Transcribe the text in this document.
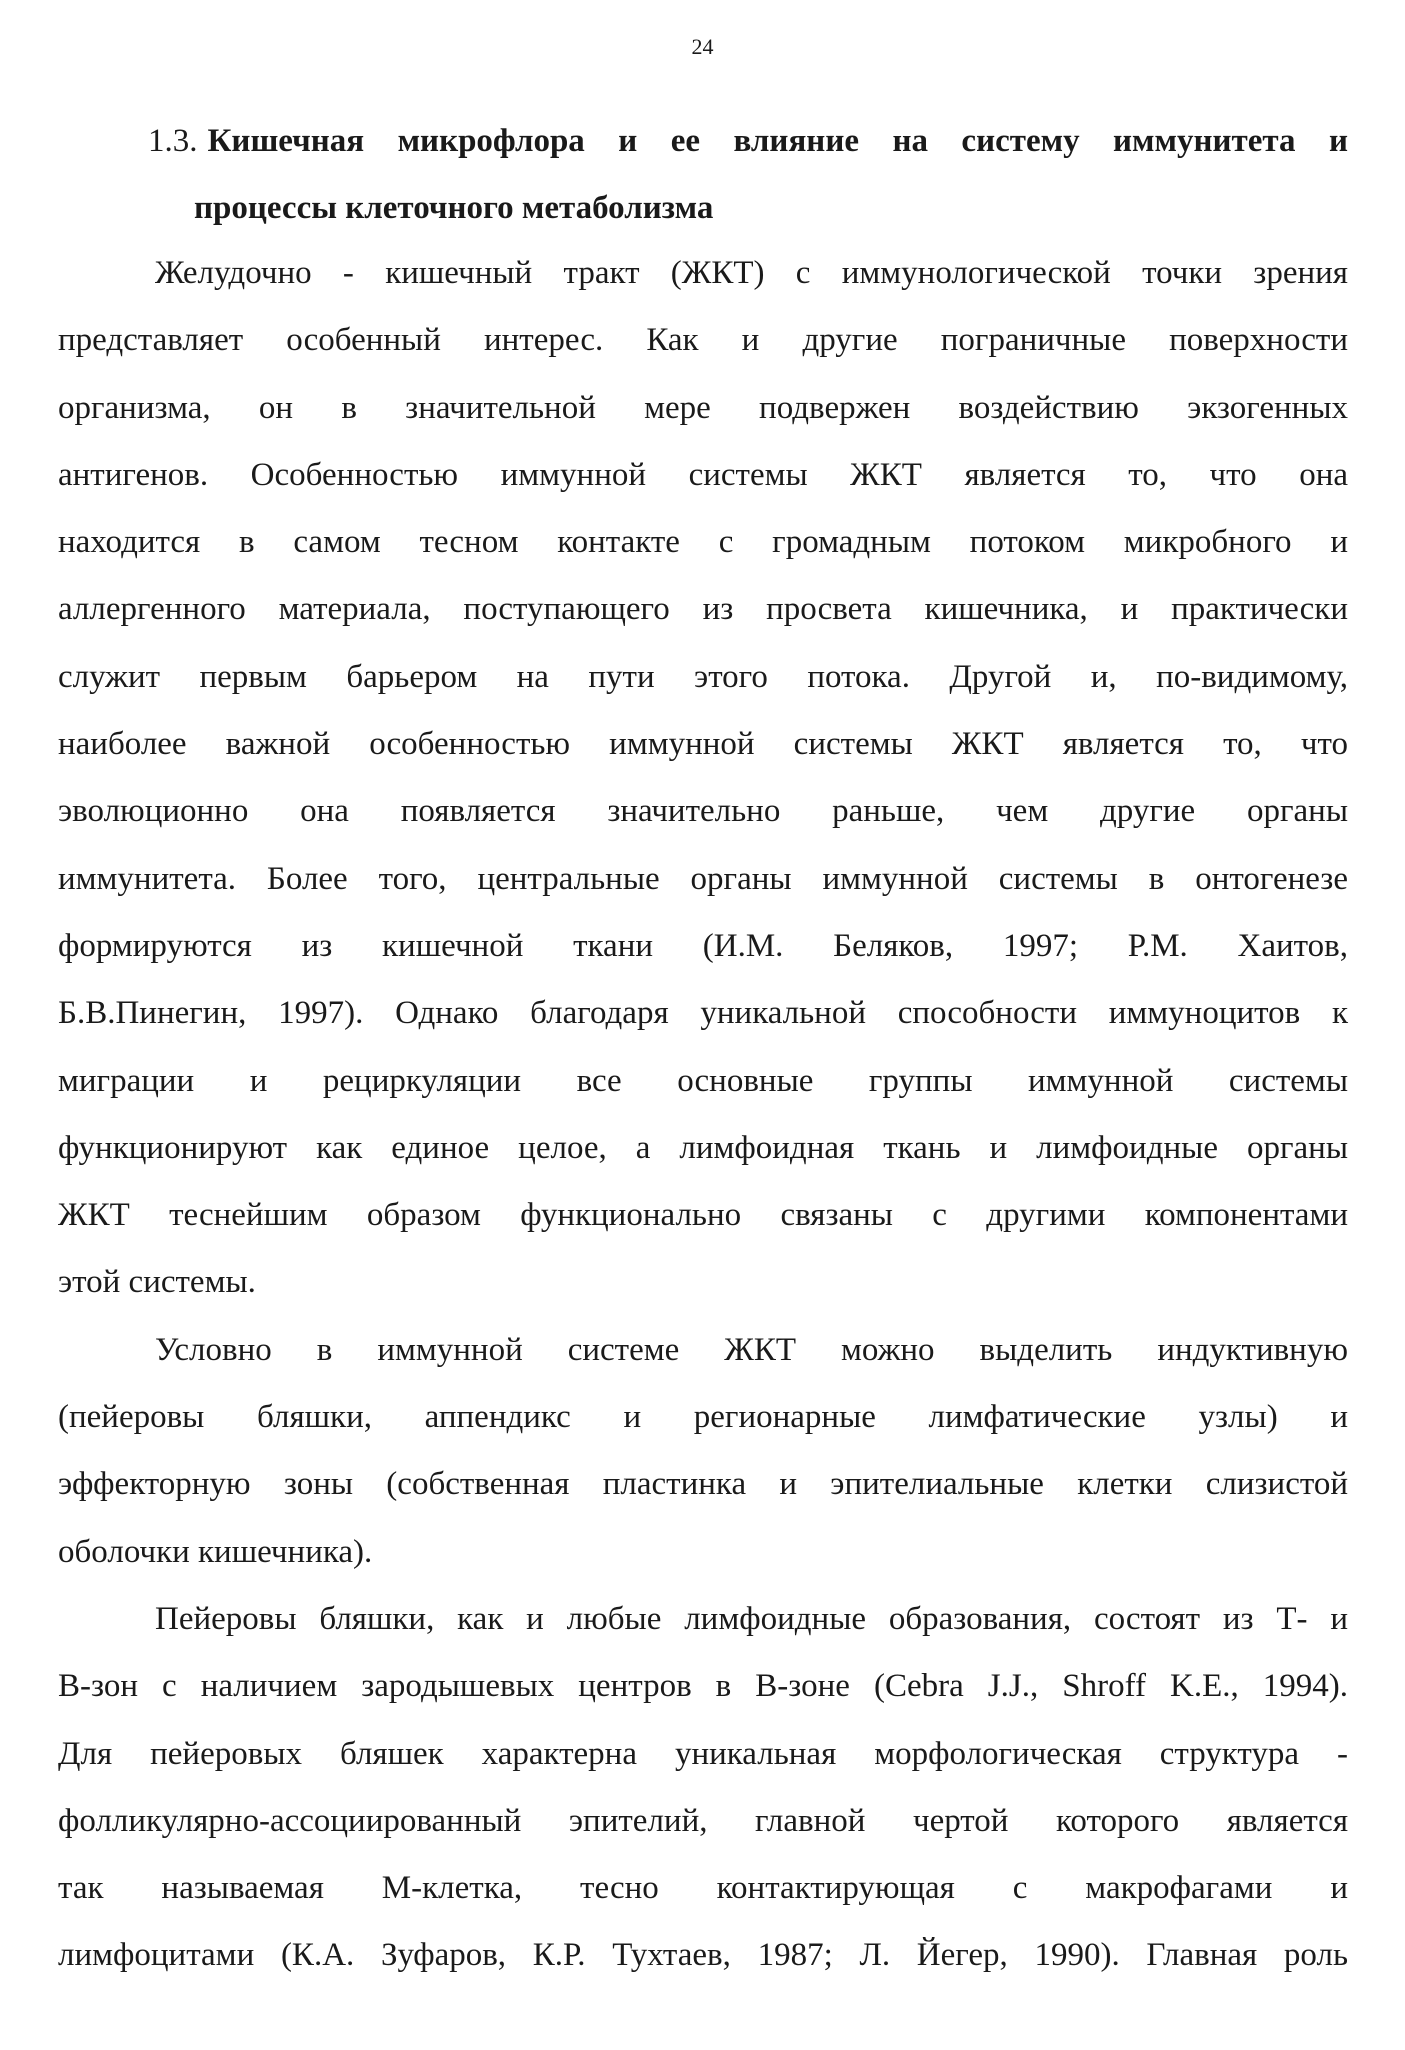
24
1.3. Кишечная микрофлора и ее влияние на систему иммунитета и
процессы клеточного метаболизма
Желудочно - кишечный тракт (ЖКТ) с иммунологической точки зрения
представляет особенный интерес. Как и другие пограничные поверхности
организма, он в значительной мере подвержен воздействию экзогенных
антигенов. Особенностью иммунной системы ЖКТ является то, что она
находится в самом тесном контакте с громадным потоком микробного и
аллергенного материала, поступающего из просвета кишечника, и практически
служит первым барьером на пути этого потока. Другой и, по-видимому,
наиболее важной особенностью иммунной системы ЖКТ является то, что
эволюционно она появляется значительно раньше, чем другие органы
иммунитета. Более того, центральные органы иммунной системы в онтогенезе
формируются из кишечной ткани (И.М. Беляков, 1997; Р.М. Хаитов,
Б.В.Пинегин, 1997). Однако благодаря уникальной способности иммуноцитов к
миграции и рециркуляции все основные группы иммунной системы
функционируют как единое целое, а лимфоидная ткань и лимфоидные органы
ЖКТ теснейшим образом функционально связаны с другими компонентами
этой системы.
Условно в иммунной системе ЖКТ можно выделить индуктивную
(пейеровы бляшки, аппендикс и регионарные лимфатические узлы) и
эффекторную зоны (собственная пластинка и эпителиальные клетки слизистой
оболочки кишечника).
Пейеровы бляшки, как и любые лимфоидные образования, состоят из Т- и
В-зон с наличием зародышевых центров в В-зоне (Cebra J.J., Shroff K.E., 1994).
Для пейеровых бляшек характерна уникальная морфологическая структура -
фолликулярно-ассоциированный эпителий, главной чертой которого является
так называемая М-клетка, тесно контактирующая с макрофагами и
лимфоцитами (К.А. Зуфаров, К.Р. Тухтаев, 1987; Л. Йегер, 1990). Главная роль
